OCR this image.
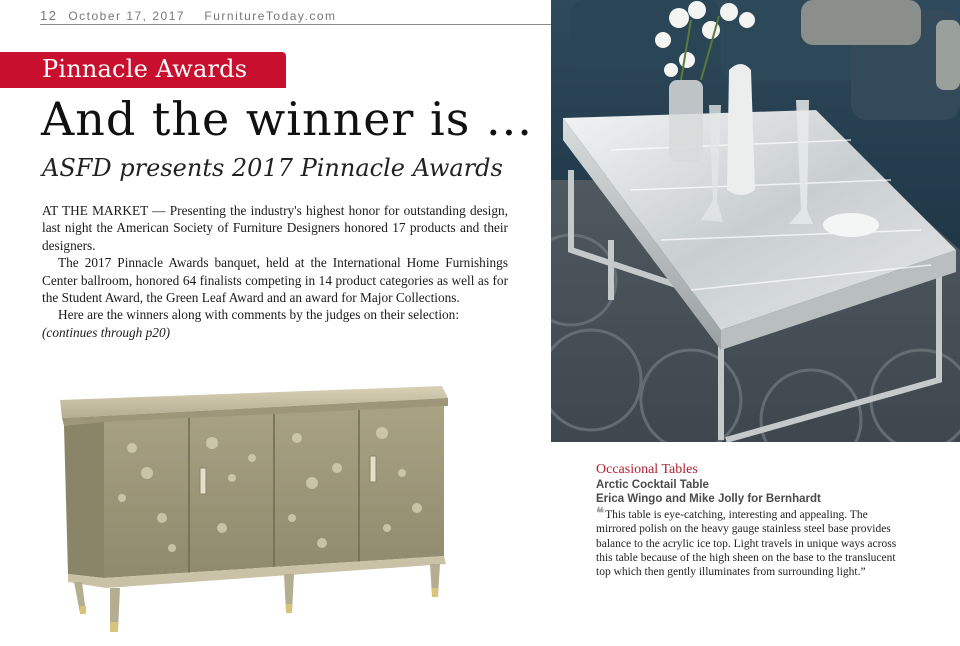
12 October 17, 2017 FurnitureToday.com
Pinnacle Awards
And the winner is ...
ASFD presents 2017 Pinnacle Awards

AT THE MARKET — Presenting the industry's highest honor for outstanding design, last night the American Society of Furniture Designers honored 17 products and their designers.

The 2017 Pinnacle Awards banquet, held at the International Home Furnishings Center ballroom, honored 64 finalists competing in 14 product categories as well as for the Student Award, the Green Leaf Award and an award for Major Collections.

Here are the winners along with comments by the judges on their selection:

(continues through p20)

Occasional Tables
Arctic Cocktail Table
Erica Wingo and Mike Jolly for Bernhardt
❝This table is eye-catching, interesting and appealing. The mirrored polish on the heavy gauge stainless steel base provides balance to the acrylic ice top. Light travels in unique ways across this table because of the high sheen on the base to the translucent top which then gently illuminates from surrounding light.”
